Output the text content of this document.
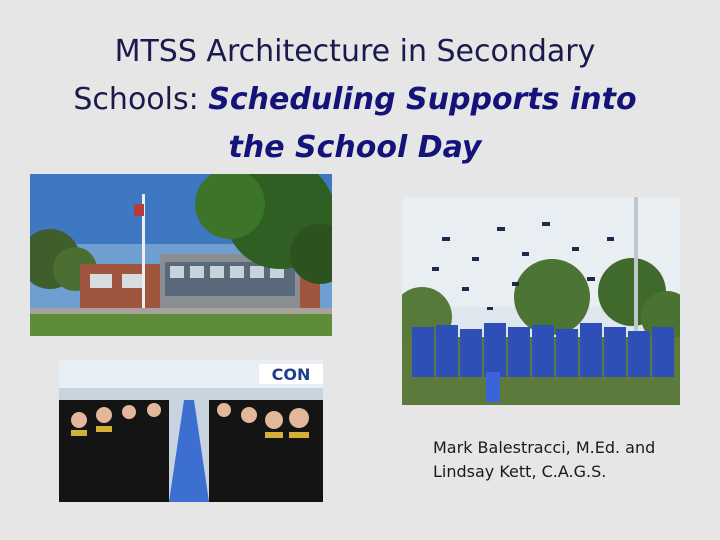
MTSS Architecture in Secondary
Schools: Scheduling Supports into
the School Day
CON
Mark Balestracci, M.Ed. and
Lindsay Kett, C.A.G.S.
